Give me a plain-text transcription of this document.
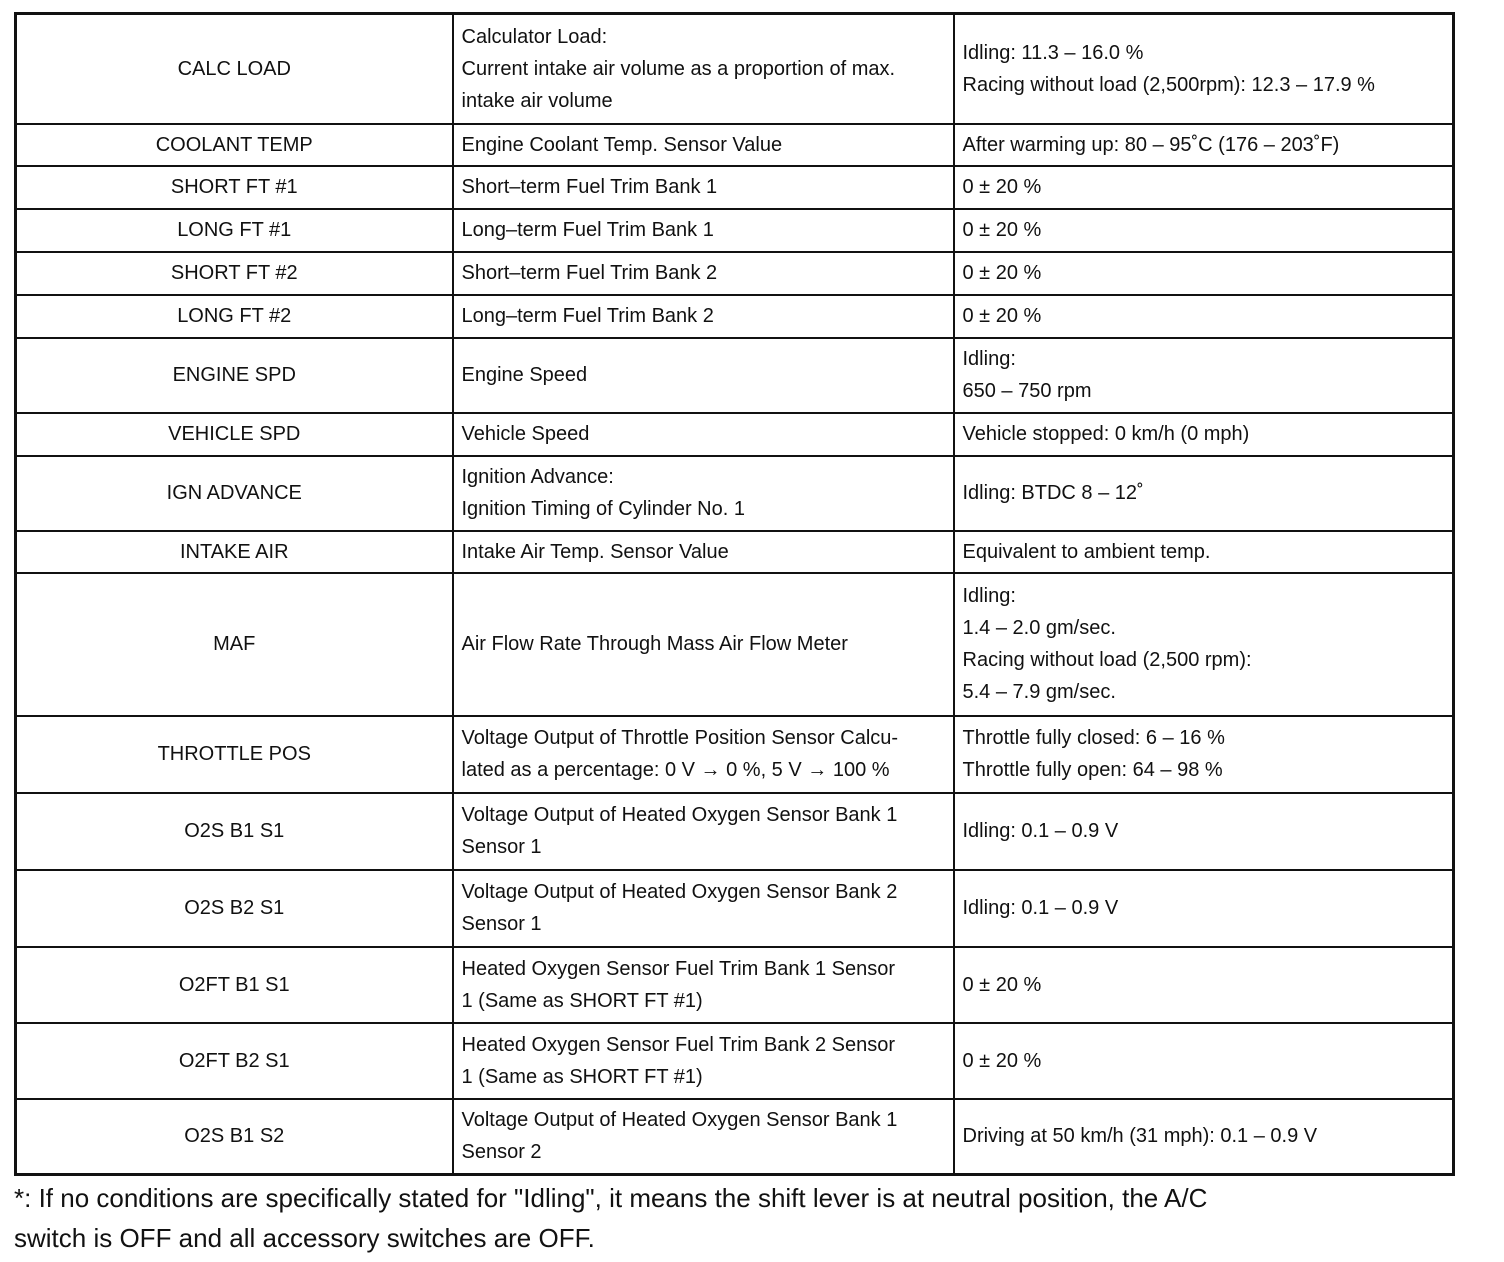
CALC LOAD	Calculator Load:
Current intake air volume as a proportion of max.
intake air volume	Idling: 11.3 – 16.0 %
Racing without load (2,500rpm): 12.3 – 17.9 %

COOLANT TEMP	Engine Coolant Temp. Sensor Value	After warming up: 80 – 95˚C (176 – 203˚F)

SHORT FT #1	Short–term Fuel Trim Bank 1	0 ± 20 %

LONG FT #1	Long–term Fuel Trim Bank 1	0 ± 20 %

SHORT FT #2	Short–term Fuel Trim Bank 2	0 ± 20 %

LONG FT #2	Long–term Fuel Trim Bank 2	0 ± 20 %

ENGINE SPD	Engine Speed	Idling:
650 – 750 rpm

VEHICLE SPD	Vehicle Speed	Vehicle stopped: 0 km/h (0 mph)

IGN ADVANCE	Ignition Advance:
Ignition Timing of Cylinder No. 1	Idling: BTDC 8 – 12˚

INTAKE AIR	Intake Air Temp. Sensor Value	Equivalent to ambient temp.

MAF	Air Flow Rate Through Mass Air Flow Meter	Idling:
1.4 – 2.0 gm/sec.
Racing without load (2,500 rpm):
5.4 – 7.9 gm/sec.

THROTTLE POS	Voltage Output of Throttle Position Sensor Calcu-
lated as a percentage: 0 V → 0 %, 5 V → 100 %	Throttle fully closed: 6 – 16 %
Throttle fully open: 64 – 98 %

O2S B1 S1	Voltage Output of Heated Oxygen Sensor Bank 1
Sensor 1	Idling: 0.1 – 0.9 V

O2S B2 S1	Voltage Output of Heated Oxygen Sensor Bank 2
Sensor 1	Idling: 0.1 – 0.9 V

O2FT B1 S1	Heated Oxygen Sensor Fuel Trim Bank 1 Sensor
1 (Same as SHORT FT #1)	0 ± 20 %

O2FT B2 S1	Heated Oxygen Sensor Fuel Trim Bank 2 Sensor
1 (Same as SHORT FT #1)	0 ± 20 %

O2S B1 S2	Voltage Output of Heated Oxygen Sensor Bank 1
Sensor 2	Driving at 50 km/h (31 mph): 0.1 – 0.9 V
*: If no conditions are specifically stated for "Idling", it means the shift lever is at neutral position, the A/C
switch is OFF and all accessory switches are OFF.
